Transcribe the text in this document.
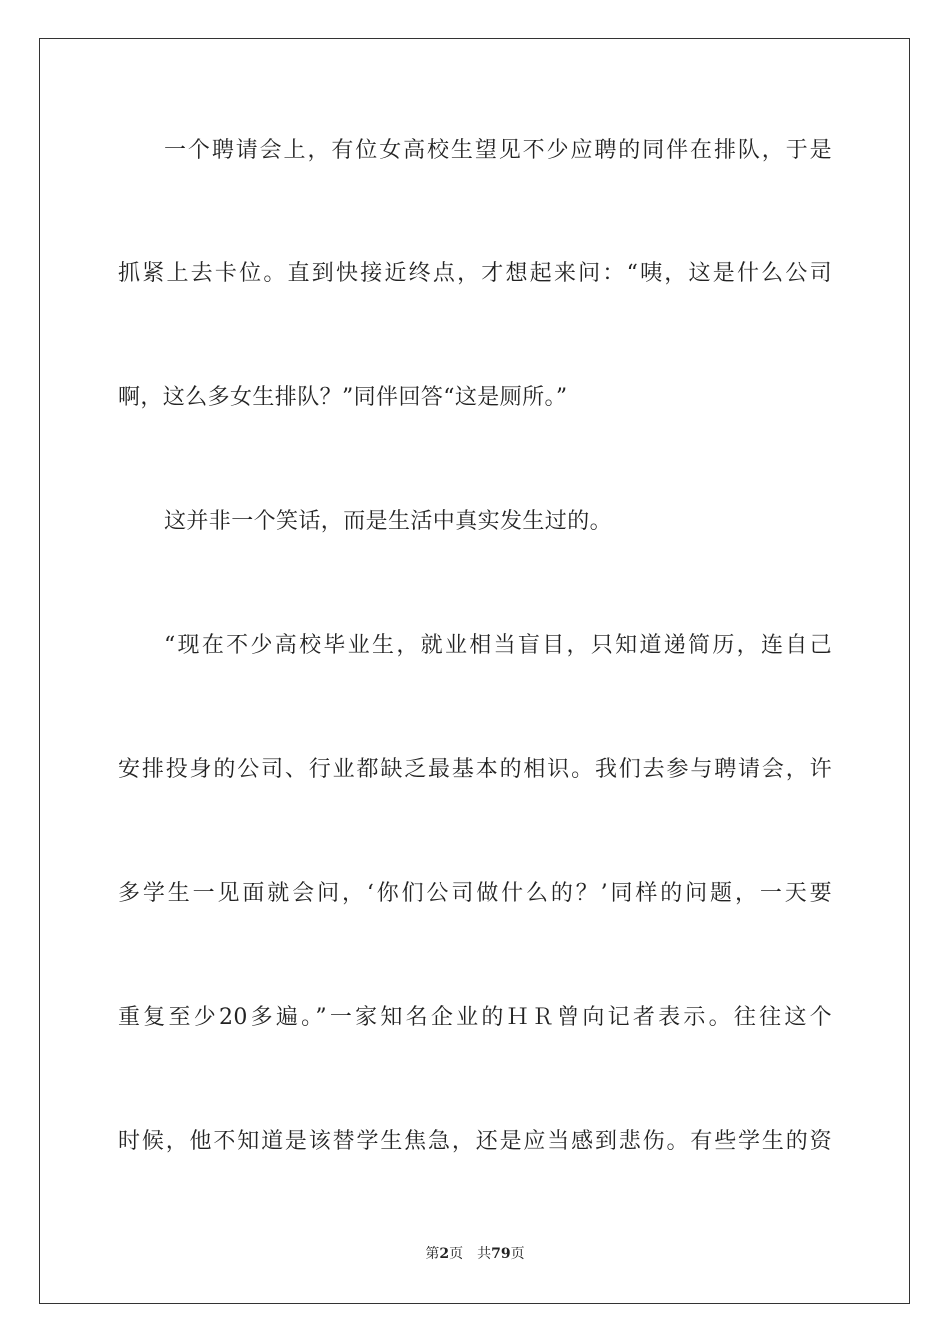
一个聘请会上，有位女高校生望见不少应聘的同伴在排队，于是
抓紧上去卡位。直到快接近终点，才想起来问：“咦，这是什么公司
啊，这么多女生排队？”同伴回答“这是厕所。”
这并非一个笑话，而是生活中真实发生过的。
“现在不少高校毕业生，就业相当盲目，只知道递简历，连自己
安排投身的公司、行业都缺乏最基本的相识。我们去参与聘请会，许
多学生一见面就会问，‘你们公司做什么的？’同样的问题，一天要
重复至少20多遍。”一家知名企业的ＨＲ曾向记者表示。往往这个
时候，他不知道是该替学生焦急，还是应当感到悲伤。有些学生的资
第2页 共79页
